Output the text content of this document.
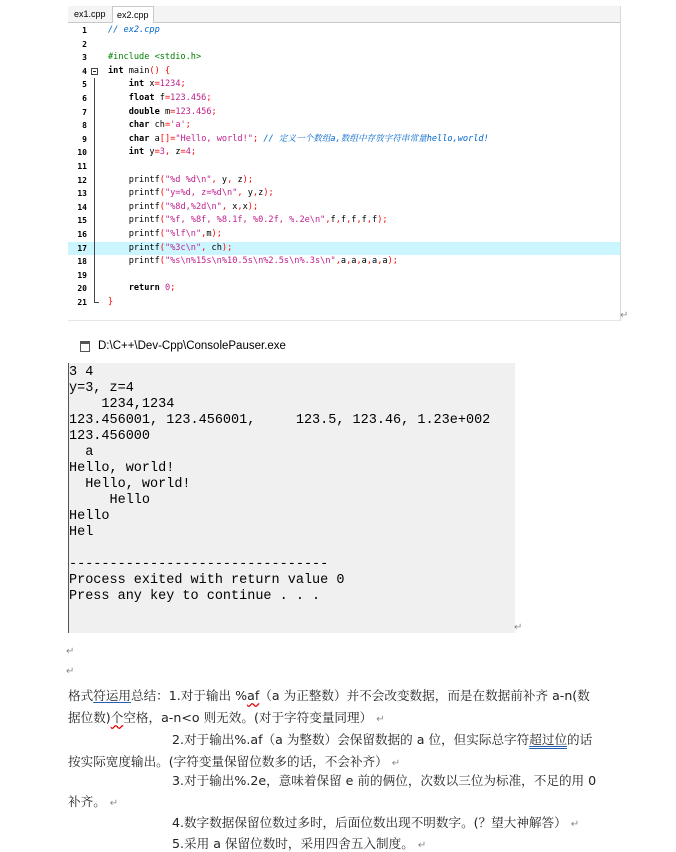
ex1.cpp	ex2.cpp
1 // ex2.cpp
2
3 #include <stdio.h>
4 int main() {
5	int x=1234;
6	float f=123.456;
7	double m=123.456;
8	char ch='a';
9	char a[]="Hello, world!"; // 定义一个数组a,数组中存放字符串常量hello,world!
10	int y=3, z=4;
11
12	printf("%d %d\n", y, z);
13	printf("y=%d, z=%d\n", y,z);
14	printf("%8d,%2d\n", x,x);
15	printf("%f, %8f, %8.1f, %0.2f, %.2e\n",f,f,f,f,f);
16	printf("%lf\n",m);
17	printf("%3c\n", ch);
18	printf("%s\n%15s\n%10.5s\n%2.5s\n%.3s\n",a,a,a,a,a);
19
20	return 0;
21 }
D:\C++\Dev-Cpp\ConsolePauser.exe
3 4
y=3, z=4
1234,1234
123.456001, 123.456001,     123.5, 123.46, 1.23e+002
123.456000
a
Hello, world!
Hello, world!
Hello
Hello
Hel
--------------------------------
Process exited with return value 0
Press any key to continue . . .
↵
↵
↵
↵
格式符运用总结：1.对于输出 %af（a 为正整数）并不会改变数据，而是在数据前补齐 a-n(数
据位数)个空格，a-n<o 则无效。(对于字符变量同理） ↵
2.对于输出%.af（a 为整数）会保留数据的 a 位，但实际总字符超过位的话
按实际宽度输出。(字符变量保留位数多的话，不会补齐） ↵
3.对于输出%.2e，意味着保留 e 前的俩位，次数以三位为标准，不足的用 0
补齐。 ↵
4.数字数据保留位数过多时，后面位数出现不明数字。(？望大神解答） ↵
5.采用 a 保留位数时，采用四舍五入制度。 ↵
